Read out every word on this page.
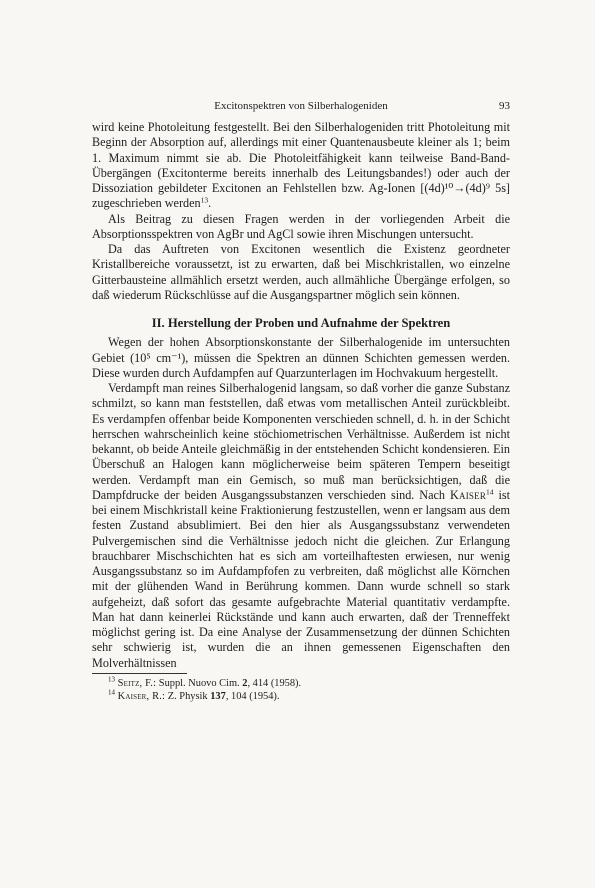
Excitonspektren von Silberhalogeniden	93

wird keine Photoleitung festgestellt. Bei den Silberhalogeniden tritt Photoleitung mit Beginn der Absorption auf, allerdings mit einer Quantenausbeute kleiner als 1; beim 1. Maximum nimmt sie ab. Die Photoleitfähigkeit kann teilweise Band-Band-Übergängen (Excitonterme bereits innerhalb des Leitungsbandes!) oder auch der Dissoziation gebildeter Excitonen an Fehlstellen bzw. Ag-Ionen [(4d)¹⁰→(4d)⁹ 5s] zugeschrieben werden$^{13}$.

Als Beitrag zu diesen Fragen werden in der vorliegenden Arbeit die Absorptionsspektren von AgBr und AgCl sowie ihren Mischungen untersucht.

Da das Auftreten von Excitonen wesentlich die Existenz geordneter Kristallbereiche voraussetzt, ist zu erwarten, daß bei Mischkristallen, wo einzelne Gitterbausteine allmählich ersetzt werden, auch allmähliche Übergänge erfolgen, so daß wiederum Rückschlüsse auf die Ausgangspartner möglich sein können.

II. Herstellung der Proben und Aufnahme der Spektren

Wegen der hohen Absorptionskonstante der Silberhalogenide im untersuchten Gebiet (10⁵ cm⁻¹), müssen die Spektren an dünnen Schichten gemessen werden. Diese wurden durch Aufdampfen auf Quarzunterlagen im Hochvakuum hergestellt.

Verdampft man reines Silberhalogenid langsam, so daß vorher die ganze Substanz schmilzt, so kann man feststellen, daß etwas vom metallischen Anteil zurückbleibt. Es verdampfen offenbar beide Komponenten verschieden schnell, d. h. in der Schicht herrschen wahrscheinlich keine stöchiometrischen Verhältnisse. Außerdem ist nicht bekannt, ob beide Anteile gleichmäßig in der entstehenden Schicht kondensieren. Ein Überschuß an Halogen kann möglicherweise beim späteren Tempern beseitigt werden. Verdampft man ein Gemisch, so muß man berücksichtigen, daß die Dampfdrucke der beiden Ausgangssubstanzen verschieden sind. Nach Kaiser$^{14}$ ist bei einem Mischkristall keine Fraktionierung festzustellen, wenn er langsam aus dem festen Zustand absublimiert. Bei den hier als Ausgangssubstanz verwendeten Pulvergemischen sind die Verhältnisse jedoch nicht die gleichen. Zur Erlangung brauchbarer Mischschichten hat es sich am vorteilhaftesten erwiesen, nur wenig Ausgangssubstanz so im Aufdampfofen zu verbreiten, daß möglichst alle Körnchen mit der glühenden Wand in Berührung kommen. Dann wurde schnell so stark aufgeheizt, daß sofort das gesamte aufgebrachte Material quantitativ verdampfte. Man hat dann keinerlei Rückstände und kann auch erwarten, daß der Trenneffekt möglichst gering ist. Da eine Analyse der Zusammensetzung der dünnen Schichten sehr schwierig ist, wurden die an ihnen gemessenen Eigenschaften den Molverhältnissen

$^{13}$ Seitz, F.: Suppl. Nuovo Cim. 2, 414 (1958).

$^{14}$ Kaiser, R.: Z. Physik 137, 104 (1954).
